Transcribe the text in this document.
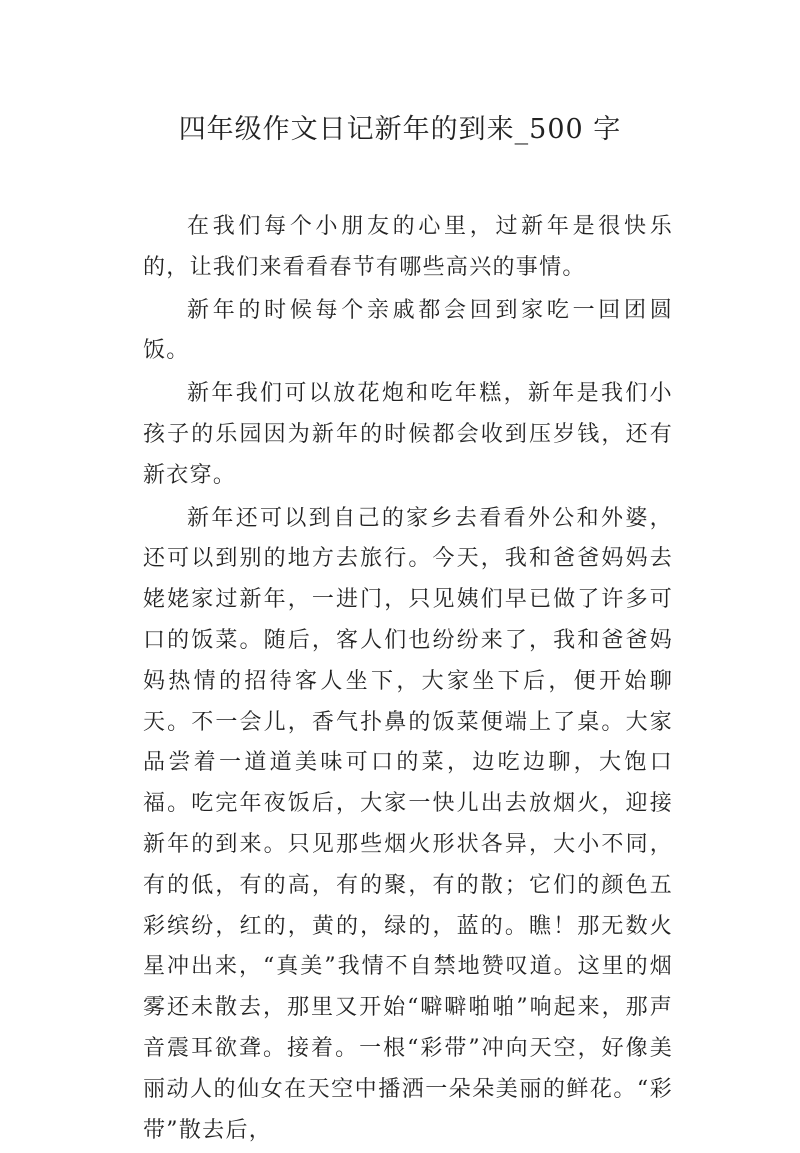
四年级作文日记新年的到来_500 字

在我们每个小朋友的心里，过新年是很快乐的，让我们来看看春节有哪些高兴的事情。

新年的时候每个亲戚都会回到家吃一回团圆饭。

新年我们可以放花炮和吃年糕，新年是我们小孩子的乐园因为新年的时候都会收到压岁钱，还有新衣穿。

新年还可以到自己的家乡去看看外公和外婆，还可以到别的地方去旅行。今天，我和爸爸妈妈去姥姥家过新年，一进门，只见姨们早已做了许多可口的饭菜。随后，客人们也纷纷来了，我和爸爸妈妈热情的招待客人坐下，大家坐下后，便开始聊天。不一会儿，香气扑鼻的饭菜便端上了桌。大家品尝着一道道美味可口的菜，边吃边聊，大饱口福。吃完年夜饭后，大家一快儿出去放烟火，迎接新年的到来。只见那些烟火形状各异，大小不同，有的低，有的高，有的聚，有的散；它们的颜色五彩缤纷，红的，黄的，绿的，蓝的。瞧！那无数火星冲出来，“真美”我情不自禁地赞叹道。这里的烟雾还未散去，那里又开始“噼噼啪啪”响起来，那声音震耳欲聋。接着。一根“彩带”冲向天空，好像美丽动人的仙女在天空中播洒一朵朵美丽的鲜花。“彩带”散去后，
